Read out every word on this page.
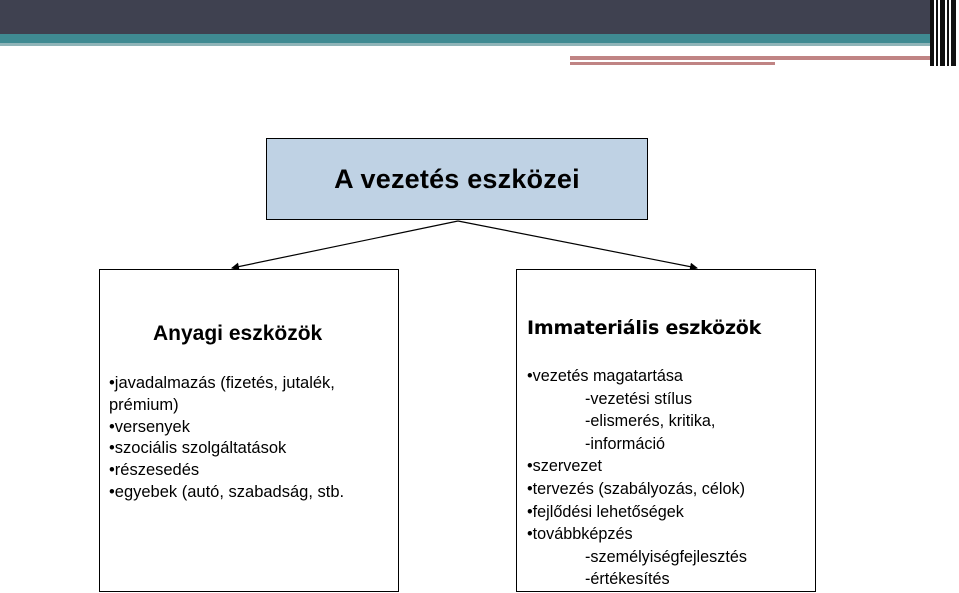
A vezetés eszközei
Anyagi eszközök
•javadalmazás (fizetés, jutalék, prémium)
•versenyek
•szociális szolgáltatások
•részesedés
•egyebek (autó, szabadság, stb.
Immateriális eszközök
•vezetés magatartása
-vezetési stílus
-elismerés, kritika,
-információ
•szervezet
•tervezés (szabályozás, célok)
•fejlődési lehetőségek
•továbbképzés
-személyiségfejlesztés
-értékesítés
